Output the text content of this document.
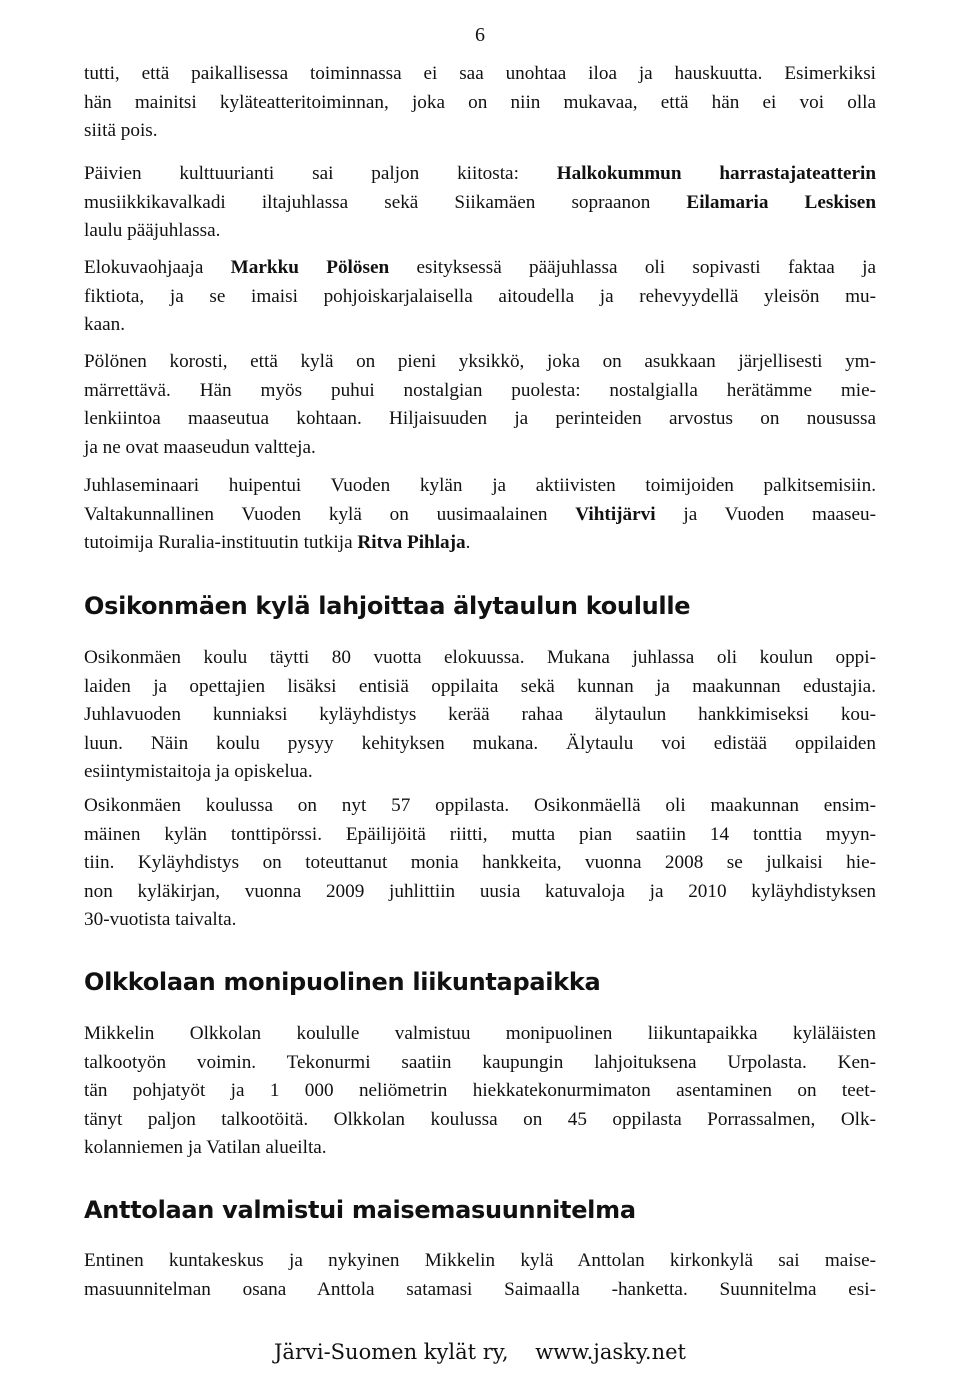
6

tutti, että paikallisessa toiminnassa ei saa unohtaa iloa ja hauskuutta. Esimerkiksi
hän mainitsi kyläteatteritoiminnan, joka on niin mukavaa, että hän ei voi olla
siitä pois.

Päivien kulttuurianti sai paljon kiitosta: Halkokummun harrastajateatterin
musiikkikavalkadi iltajuhlassa sekä Siikamäen sopraanon Eilamaria Leskisen
laulu pääjuhlassa.

Elokuvaohjaaja Markku Pölösen esityksessä pääjuhlassa oli sopivasti faktaa ja
fiktiota, ja se imaisi pohjoiskarjalaisella aitoudella ja rehevyydellä yleisön mu-
kaan.

Pölönen korosti, että kylä on pieni yksikkö, joka on asukkaan järjellisesti ym-
märrettävä. Hän myös puhui nostalgian puolesta: nostalgialla herätämme mie-
lenkiintoa maaseutua kohtaan. Hiljaisuuden ja perinteiden arvostus on nousussa
ja ne ovat maaseudun valtteja.

Juhlaseminaari huipentui Vuoden kylän ja aktiivisten toimijoiden palkitsemisiin.
Valtakunnallinen Vuoden kylä on uusimaalainen Vihtijärvi ja Vuoden maaseu-
tutoimija Ruralia-instituutin tutkija Ritva Pihlaja.

Osikonmäen kylä lahjoittaa älytaulun koululle

Osikonmäen koulu täytti 80 vuotta elokuussa. Mukana juhlassa oli koulun oppi-
laiden ja opettajien lisäksi entisiä oppilaita sekä kunnan ja maakunnan edustajia.
Juhlavuoden kunniaksi kyläyhdistys kerää rahaa älytaulun hankkimiseksi kou-
luun. Näin koulu pysyy kehityksen mukana. Älytaulu voi edistää oppilaiden
esiintymistaitoja ja opiskelua.

Osikonmäen koulussa on nyt 57 oppilasta. Osikonmäellä oli maakunnan ensim-
mäinen kylän tonttipörssi. Epäilijöitä riitti, mutta pian saatiin 14 tonttia myyn-
tiin. Kyläyhdistys on toteuttanut monia hankkeita, vuonna 2008 se julkaisi hie-
non kyläkirjan, vuonna 2009 juhlittiin uusia katuvaloja ja 2010 kyläyhdistyksen
30-vuotista taivalta.

Olkkolaan monipuolinen liikuntapaikka

Mikkelin Olkkolan koululle valmistuu monipuolinen liikuntapaikka kyläläisten
talkootyön voimin. Tekonurmi saatiin kaupungin lahjoituksena Urpolasta. Ken-
tän pohjatyöt ja 1 000 neliömetrin hiekkatekonurmimaton asentaminen on teet-
tänyt paljon talkootöitä. Olkkolan koulussa on 45 oppilasta Porrassalmen, Olk-
kolanniemen ja Vatilan alueilta.

Anttolaan valmistui maisemasuunnitelma

Entinen kuntakeskus ja nykyinen Mikkelin kylä Anttolan kirkonkylä sai maise-
masuunnitelman osana Anttola satamasi Saimaalla -hanketta. Suunnitelma esi-

Järvi-Suomen kylät ry,    www.jasky.net
